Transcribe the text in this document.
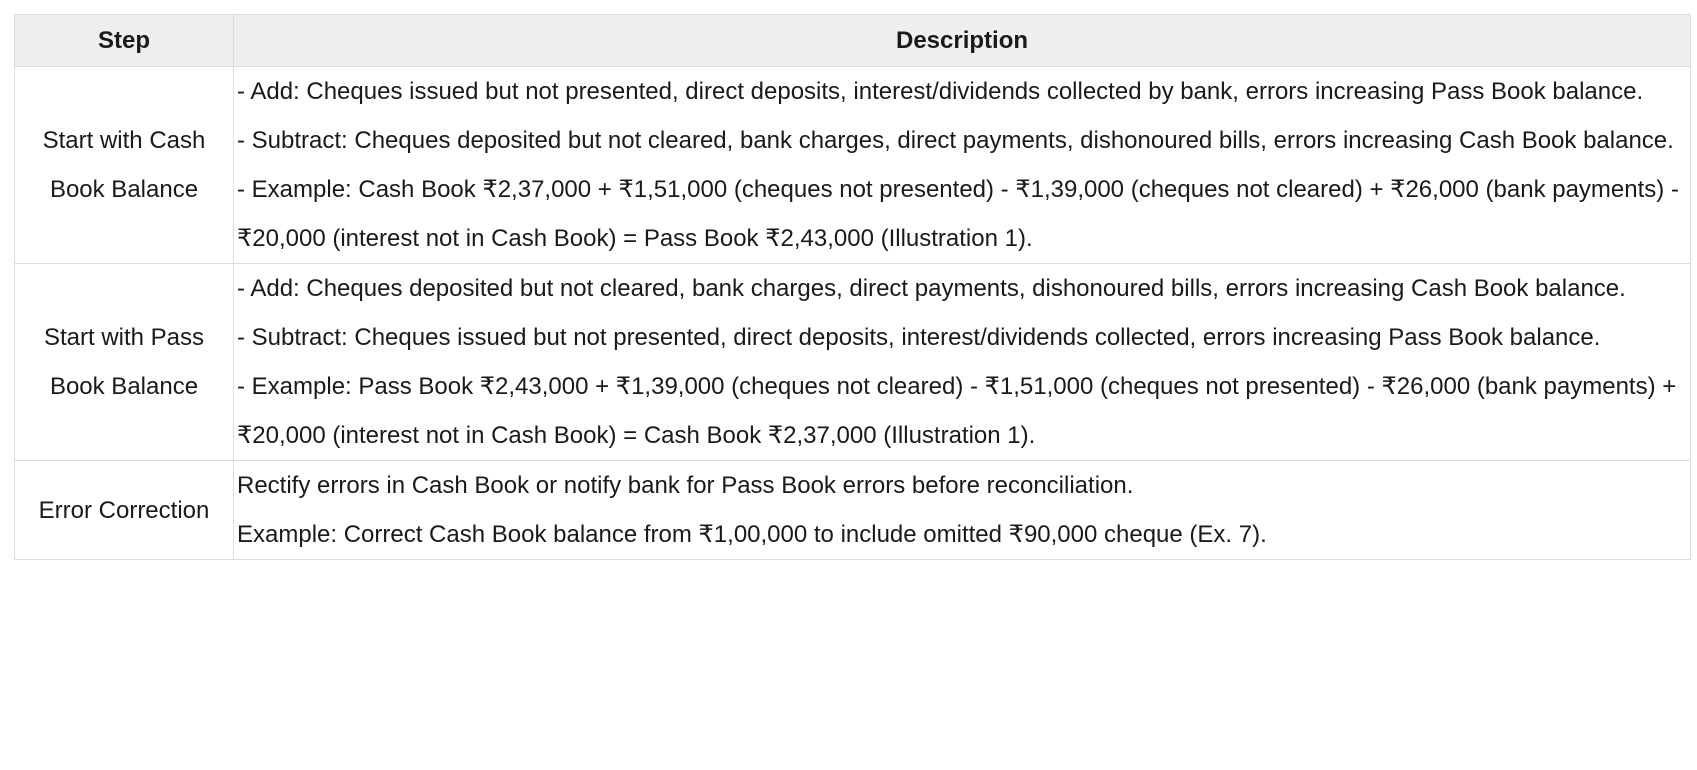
Step	Description
Start with Cash Book Balance	- Add: Cheques issued but not presented, direct deposits, interest/dividends collected by bank, errors increasing Pass Book balance.
- Subtract: Cheques deposited but not cleared, bank charges, direct payments, dishonoured bills, errors increasing Cash Book balance.
- Example: Cash Book ₹2,37,000 + ₹1,51,000 (cheques not presented) - ₹1,39,000 (cheques not cleared) + ₹26,000 (bank payments) - ₹20,000 (interest not in Cash Book) = Pass Book ₹2,43,000 (Illustration 1).

Start with Pass Book Balance	- Add: Cheques deposited but not cleared, bank charges, direct payments, dishonoured bills, errors increasing Cash Book balance.
- Subtract: Cheques issued but not presented, direct deposits, interest/dividends collected, errors increasing Pass Book balance.
- Example: Pass Book ₹2,43,000 + ₹1,39,000 (cheques not cleared) - ₹1,51,000 (cheques not presented) - ₹26,000 (bank payments) + ₹20,000 (interest not in Cash Book) = Cash Book ₹2,37,000 (Illustration 1).

Error Correction	Rectify errors in Cash Book or notify bank for Pass Book errors before reconciliation.
Example: Correct Cash Book balance from ₹1,00,000 to include omitted ₹90,000 cheque (Ex. 7).
